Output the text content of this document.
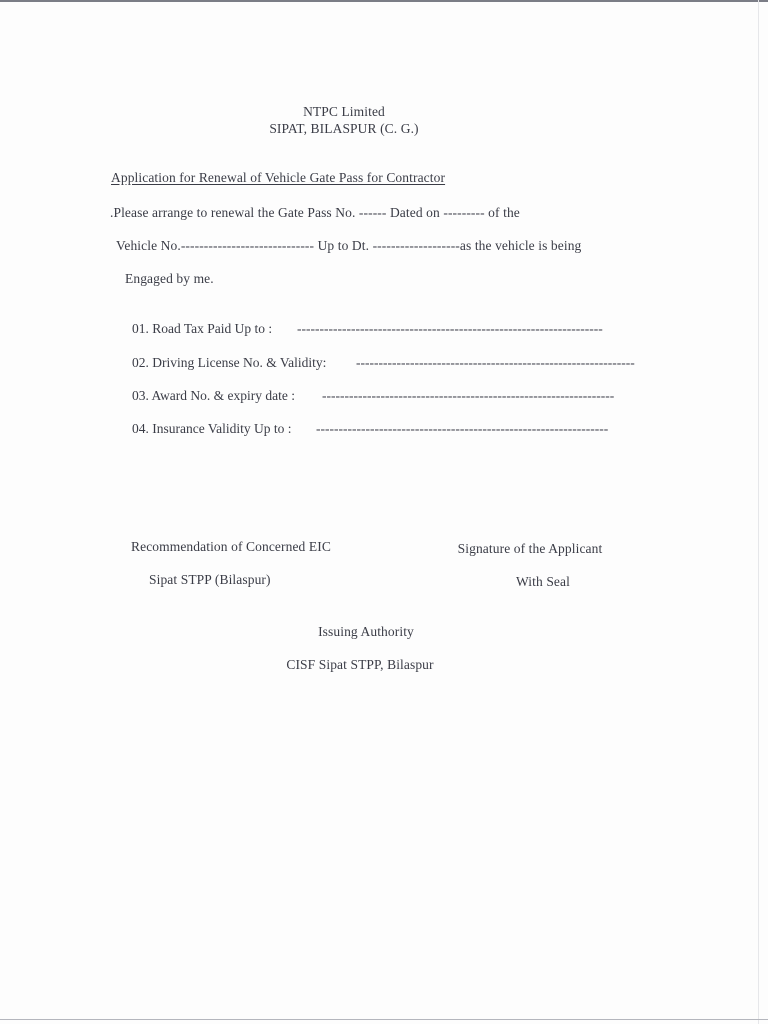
NTPC Limited
SIPAT, BILASPUR (C. G.)
Application for Renewal of Vehicle Gate Pass for Contractor
.Please arrange to renewal the Gate Pass No. ------ Dated on --------- of the
Vehicle No.----------------------------- Up to Dt. -------------------as the vehicle is being
Engaged by me.
01. Road Tax Paid Up to : --------------------------------------------------------------------
02. Driving License No. & Validity: --------------------------------------------------------------
03. Award No. & expiry date : -----------------------------------------------------------------
04. Insurance Validity Up to : -----------------------------------------------------------------
Recommendation of Concerned EIC
Sipat STPP (Bilaspur)
Signature of the Applicant
With Seal
Issuing Authority
CISF Sipat STPP, Bilaspur
